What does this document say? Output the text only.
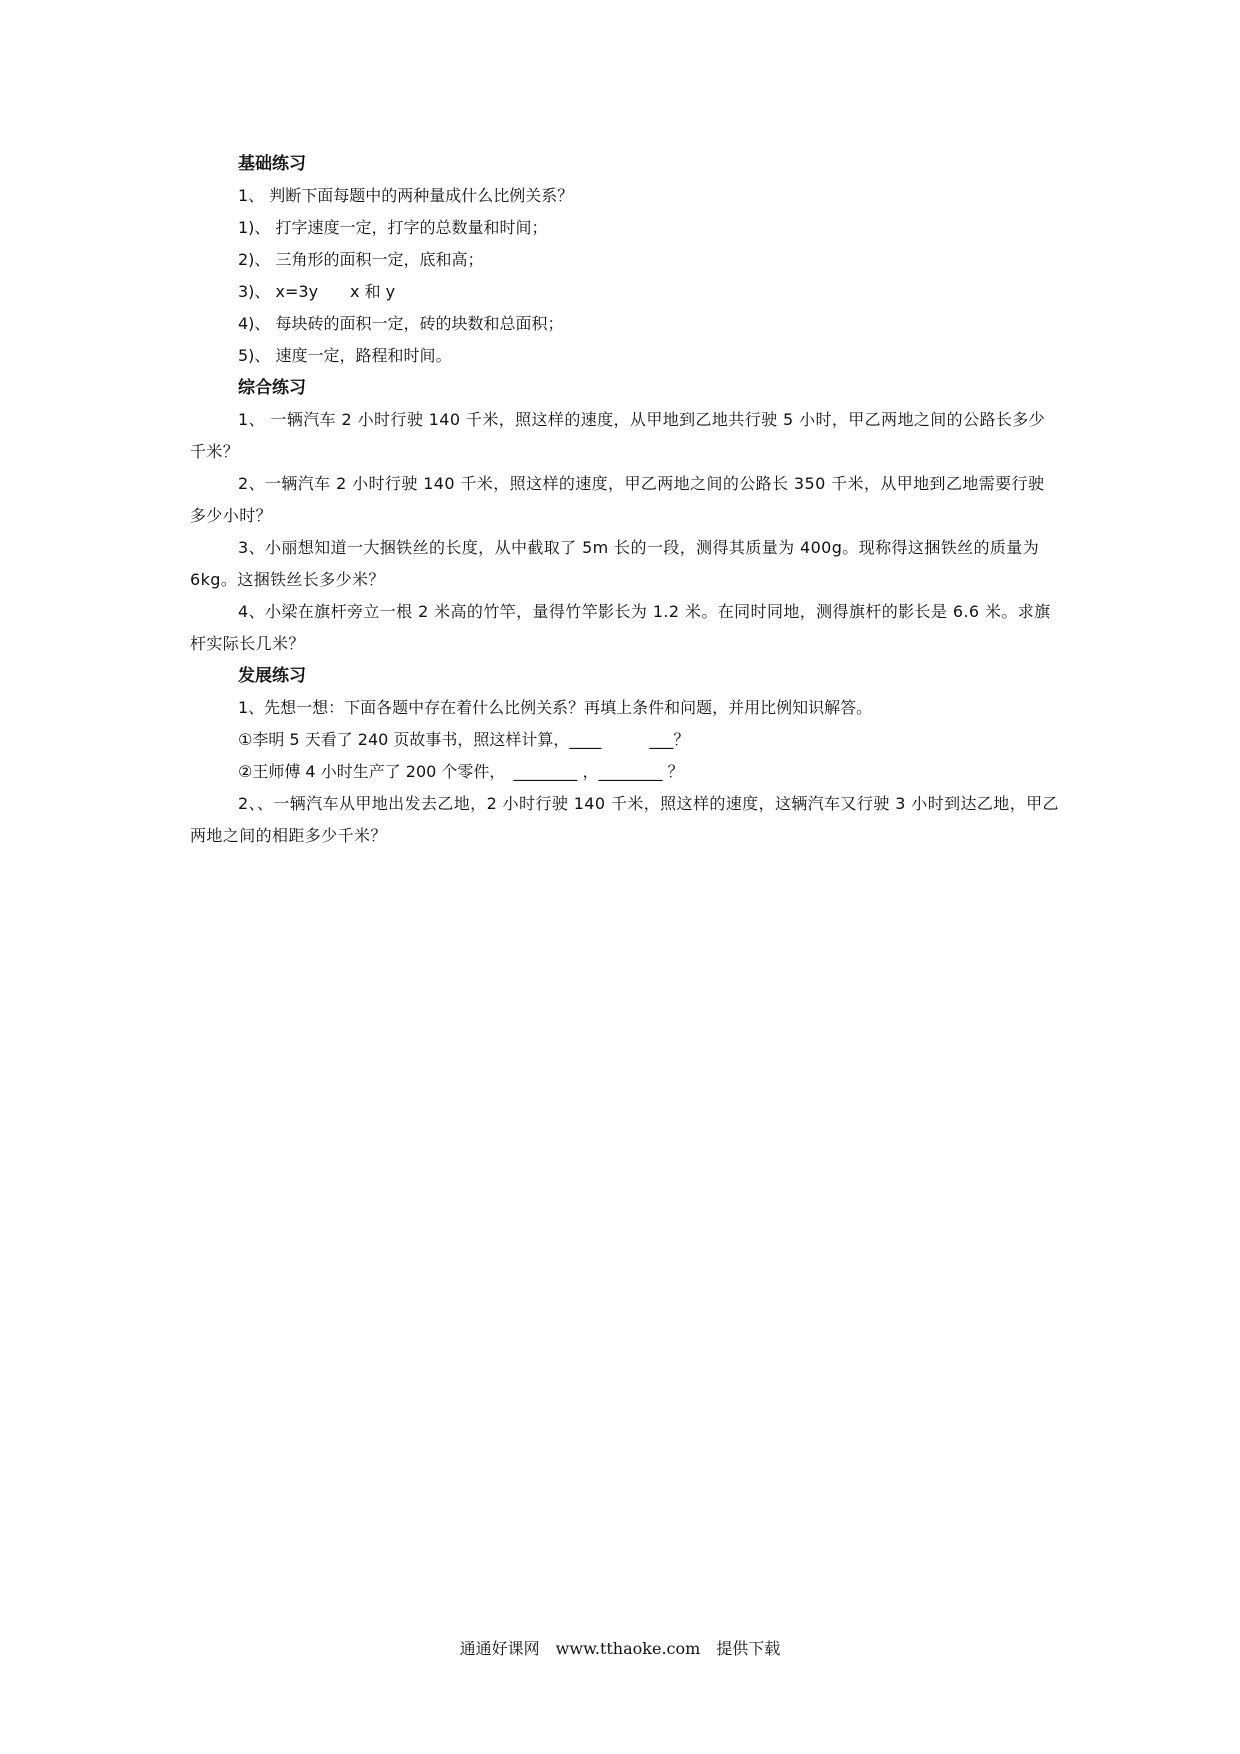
基础练习
1、 判断下面每题中的两种量成什么比例关系？
1)、 打字速度一定，打字的总数量和时间；
2)、 三角形的面积一定，底和高；
3)、 x=3y　　x 和 y
4)、 每块砖的面积一定，砖的块数和总面积；
5)、 速度一定，路程和时间。
综合练习
1、 一辆汽车 2 小时行驶 140 千米，照这样的速度，从甲地到乙地共行驶 5 小时，甲乙两地之间的公路长多少千米？
2、一辆汽车 2 小时行驶 140 千米，照这样的速度，甲乙两地之间的公路长 350 千米，从甲地到乙地需要行驶多少小时？
3、小丽想知道一大捆铁丝的长度，从中截取了 5m 长的一段，测得其质量为 400g。现称得这捆铁丝的质量为 6kg。这捆铁丝长多少米？
4、小梁在旗杆旁立一根 2 米高的竹竿，量得竹竿影长为 1.2 米。在同时同地，测得旗杆的影长是 6.6 米。求旗杆实际长几米？
发展练习
1、先想一想：下面各题中存在着什么比例关系？再填上条件和问题，并用比例知识解答。
①李明 5 天看了 240 页故事书，照这样计算，____　　　___？
②王师傅 4 小时生产了 200 个零件，　________ ，________ ？
2、、一辆汽车从甲地出发去乙地，2 小时行驶 140 千米，照这样的速度，这辆汽车又行驶 3 小时到达乙地，甲乙两地之间的相距多少千米？
通通好课网　www.tthaoke.com　提供下载
